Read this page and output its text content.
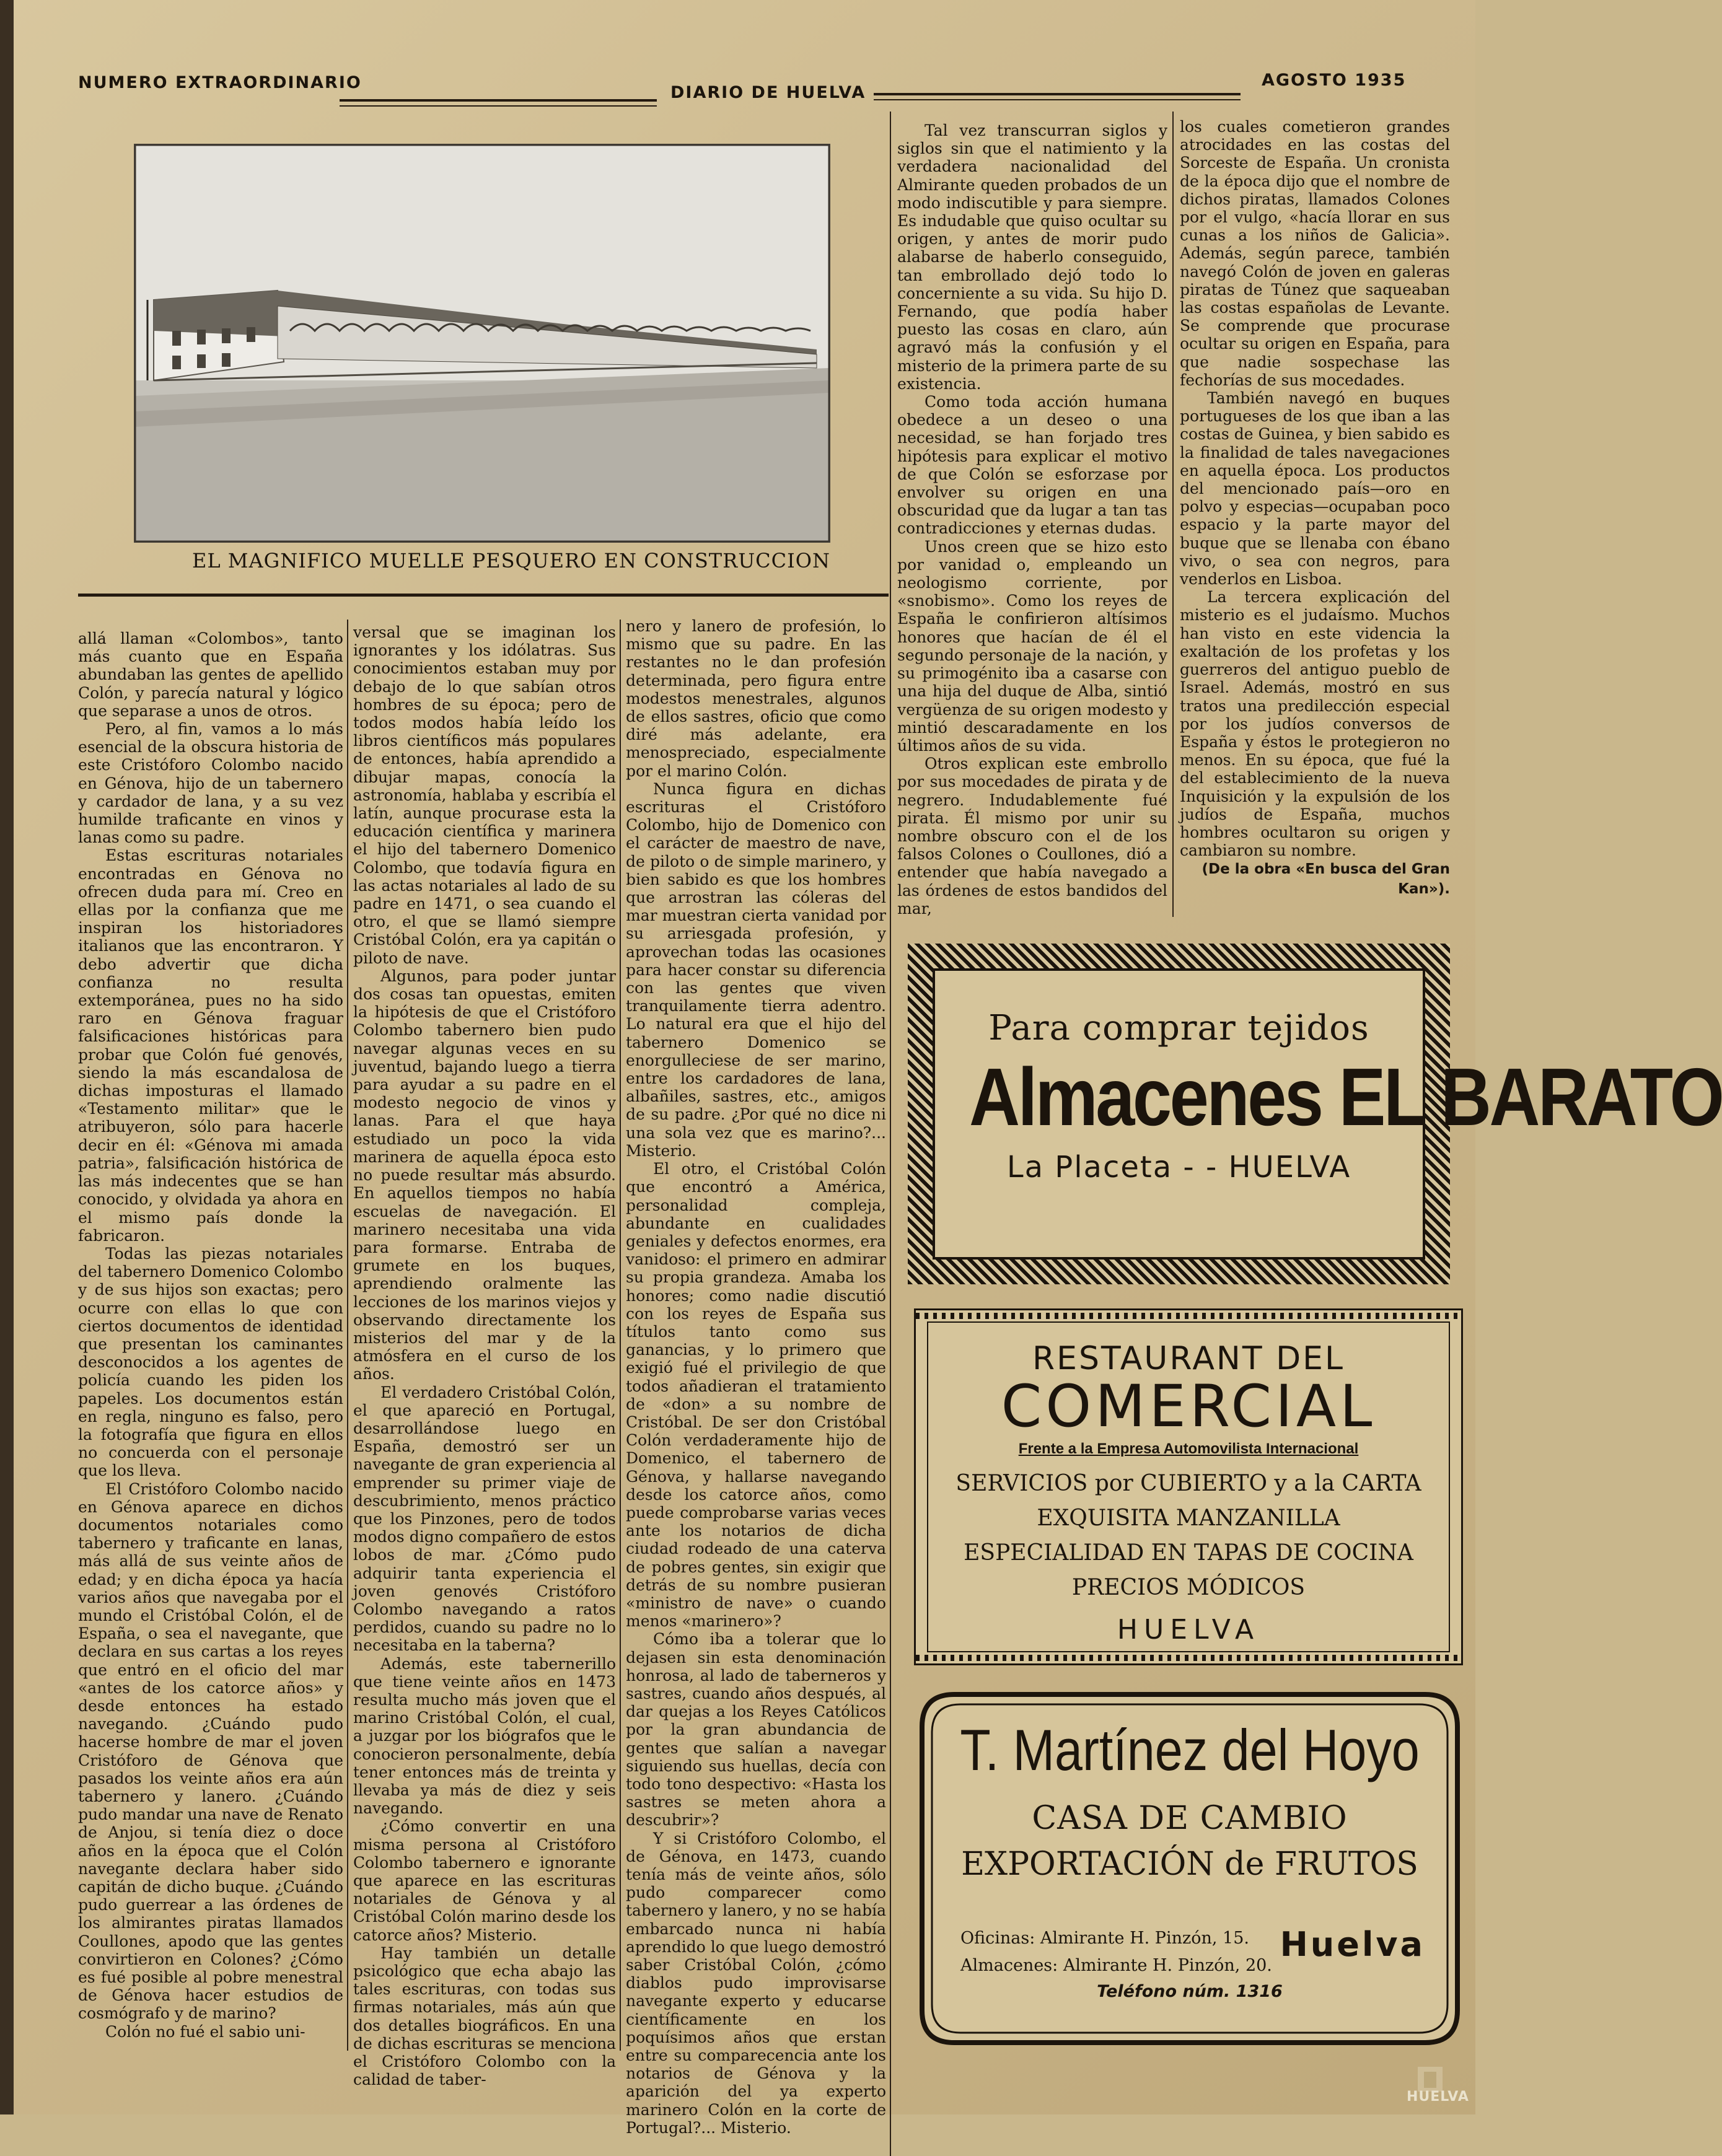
NUMERO EXTRAORDINARIO
DIARIO DE HUELVA
AGOSTO 1935
EL MAGNIFICO MUELLE PESQUERO EN CONSTRUCCION

allá llaman «Colombos», tanto más cuanto que en España abundaban las gentes de apellido Colón, y parecía natural y lógico que separase a unos de otros.

Pero, al fin, vamos a lo más esencial de la obscura historia de este Cristóforo Colombo nacido en Génova, hijo de un tabernero y cardador de lana, y a su vez humilde traficante en vinos y lanas como su padre.

Estas escrituras notariales encontradas en Génova no ofrecen duda para mí. Creo en ellas por la confianza que me inspiran los historiadores italianos que las encontraron. Y debo advertir que dicha confianza no resulta extemporánea, pues no ha sido raro en Génova fraguar falsificaciones históricas para probar que Colón fué genovés, siendo la más escandalosa de dichas imposturas el llamado «Testamento militar» que le atribuyeron, sólo para hacerle decir en él: «Génova mi amada patria», falsificación histórica de las más indecentes que se han conocido, y olvidada ya ahora en el mismo país donde la fabricaron.

Todas las piezas notariales del tabernero Domenico Colombo y de sus hijos son exactas; pero ocurre con ellas lo que con ciertos documentos de identidad que presentan los caminantes desconocidos a los agentes de policía cuando les piden los papeles. Los documentos están en regla, ninguno es falso, pero la fotografía que figura en ellos no concuerda con el personaje que los lleva.

El Cristóforo Colombo nacido en Génova aparece en dichos documentos notariales como tabernero y traficante en lanas, más allá de sus veinte años de edad; y en dicha época ya hacía varios años que navegaba por el mundo el Cristóbal Colón, el de España, o sea el navegante, que declara en sus cartas a los reyes que entró en el oficio del mar «antes de los catorce años» y desde entonces ha estado navegando. ¿Cuándo pudo hacerse hombre de mar el joven Cristóforo de Génova que pasados los veinte años era aún tabernero y lanero. ¿Cuándo pudo mandar una nave de Renato de Anjou, si tenía diez o doce años en la época que el Colón navegante declara haber sido capitán de dicho buque. ¿Cuándo pudo guerrear a las órdenes de los almirantes piratas llamados Coullones, apodo que las gentes convirtieron en Colones? ¿Cómo es fué posible al pobre menestral de Génova hacer estudios de cosmógrafo y de marino?

Colón no fué el sabio uni-

versal que se imaginan los ignorantes y los idólatras. Sus conocimientos estaban muy por debajo de lo que sabían otros hombres de su época; pero de todos modos había leído los libros científicos más populares de entonces, había aprendido a dibujar mapas, conocía la astronomía, hablaba y escribía el latín, aunque procurase esta la educación científica y marinera el hijo del tabernero Domenico Colombo, que todavía figura en las actas notariales al lado de su padre en 1471, o sea cuando el otro, el que se llamó siempre Cristóbal Colón, era ya capitán o piloto de nave.

Algunos, para poder juntar dos cosas tan opuestas, emiten la hipótesis de que el Cristóforo Colombo tabernero bien pudo navegar algunas veces en su juventud, bajando luego a tierra para ayudar a su padre en el modesto negocio de vinos y lanas. Para el que haya estudiado un poco la vida marinera de aquella época esto no puede resultar más absurdo. En aquellos tiempos no había escuelas de navegación. El marinero necesitaba una vida para formarse. Entraba de grumete en los buques, aprendiendo oralmente las lecciones de los marinos viejos y observando directamente los misterios del mar y de la atmósfera en el curso de los años.

El verdadero Cristóbal Colón, el que apareció en Portugal, desarrollándose luego en España, demostró ser un navegante de gran experiencia al emprender su primer viaje de descubrimiento, menos práctico que los Pinzones, pero de todos modos digno compañero de estos lobos de mar. ¿Cómo pudo adquirir tanta experiencia el joven genovés Cristóforo Colombo navegando a ratos perdidos, cuando su padre no lo necesitaba en la taberna?

Además, este tabernerillo que tiene veinte años en 1473 resulta mucho más joven que el marino Cristóbal Colón, el cual, a juzgar por los biógrafos que le conocieron personalmente, debía tener entonces más de treinta y llevaba ya más de diez y seis navegando.

¿Cómo convertir en una misma persona al Cristóforo Colombo tabernero e ignorante que aparece en las escrituras notariales de Génova y al Cristóbal Colón marino desde los catorce años? Misterio.

Hay también un detalle psicológico que echa abajo las tales escrituras, con todas sus firmas notariales, más aún que dos detalles biográficos. En una de dichas escrituras se menciona el Cristóforo Colombo con la calidad de taber-

nero y lanero de profesión, lo mismo que su padre. En las restantes no le dan profesión determinada, pero figura entre modestos menestrales, algunos de ellos sastres, oficio que como diré más adelante, era menospreciado, especialmente por el marino Colón.

Nunca figura en dichas escrituras el Cristóforo Colombo, hijo de Domenico con el carácter de maestro de nave, de piloto o de simple marinero, y bien sabido es que los hombres que arrostran las cóleras del mar muestran cierta vanidad por su arriesgada profesión, y aprovechan todas las ocasiones para hacer constar su diferencia con las gentes que viven tranquilamente tierra adentro. Lo natural era que el hijo del tabernero Domenico se enorgulleciese de ser marino, entre los cardadores de lana, albañiles, sastres, etc., amigos de su padre. ¿Por qué no dice ni una sola vez que es marino?... Misterio.

El otro, el Cristóbal Colón que encontró a América, personalidad compleja, abundante en cualidades geniales y defectos enormes, era vanidoso: el primero en admirar su propia grandeza. Amaba los honores; como nadie discutió con los reyes de España sus títulos tanto como sus ganancias, y lo primero que exigió fué el privilegio de que todos añadieran el tratamiento de «don» a su nombre de Cristóbal. De ser don Cristóbal Colón verdaderamente hijo de Domenico, el tabernero de Génova, y hallarse navegando desde los catorce años, como puede comprobarse varias veces ante los notarios de dicha ciudad rodeado de una caterva de pobres gentes, sin exigir que detrás de su nombre pusieran «ministro de nave» o cuando menos «marinero»?

Cómo iba a tolerar que lo dejasen sin esta denominación honrosa, al lado de taberneros y sastres, cuando años después, al dar quejas a los Reyes Católicos por la gran abundancia de gentes que salían a navegar siguiendo sus huellas, decía con todo tono despectivo: «Hasta los sastres se meten ahora a descubrir»?

Y si Cristóforo Colombo, el de Génova, en 1473, cuando tenía más de veinte años, sólo pudo comparecer como tabernero y lanero, y no se había embarcado nunca ni había aprendido lo que luego demostró saber Cristóbal Colón, ¿cómo diablos pudo improvisarse navegante experto y educarse científicamente en los poquísimos años que erstan entre su comparecencia ante los notarios de Génova y la aparición del ya experto marinero Colón en la corte de Portugal?... Misterio.

Tal vez transcurran siglos y siglos sin que el natimiento y la verdadera nacionalidad del Almirante queden probados de un modo indiscutible y para siempre. Es indudable que quiso ocultar su origen, y antes de morir pudo alabarse de haberlo conseguido, tan embrollado dejó todo lo concerniente a su vida. Su hijo D. Fernando, que podía haber puesto las cosas en claro, aún agravó más la confusión y el misterio de la primera parte de su existencia.

Como toda acción humana obedece a un deseo o una necesidad, se han forjado tres hipótesis para explicar el motivo de que Colón se esforzase por envolver su origen en una obscuridad que da lugar a tan tas contradicciones y eternas dudas.

Unos creen que se hizo esto por vanidad o, empleando un neologismo corriente, por «snobismo». Como los reyes de España le confirieron altísimos honores que hacían de él el segundo personaje de la nación, y su primogénito iba a casarse con una hija del duque de Alba, sintió vergüenza de su origen modesto y mintió descaradamente en los últimos años de su vida.

Otros explican este embrollo por sus mocedades de pirata y de negrero. Indudablemente fué pirata. Él mismo por unir su nombre obscuro con el de los falsos Colones o Coullones, dió a entender que había navegado a las órdenes de estos bandidos del mar,

los cuales cometieron grandes atrocidades en las costas del Sorceste de España. Un cronista de la época dijo que el nombre de dichos piratas, llamados Colones por el vulgo, «hacía llorar en sus cunas a los niños de Galicia». Además, según parece, también navegó Colón de joven en galeras piratas de Túnez que saqueaban las costas españolas de Levante. Se comprende que procurase ocultar su origen en España, para que nadie sospechase las fechorías de sus mocedades.

También navegó en buques portugueses de los que iban a las costas de Guinea, y bien sabido es la finalidad de tales navegaciones en aquella época. Los productos del mencionado país—oro en polvo y especias—ocupaban poco espacio y la parte mayor del buque que se llenaba con ébano vivo, o sea con negros, para venderlos en Lisboa.

La tercera explicación del misterio es el judaísmo. Muchos han visto en este videncia la exaltación de los profetas y los guerreros del antiguo pueblo de Israel. Además, mostró en sus tratos una predilección especial por los judíos conversos de España y éstos le protegieron no menos. En su época, que fué la del establecimiento de la nueva Inquisición y la expulsión de los judíos de España, muchos hombres ocultaron su origen y cambiaron su nombre.

(De la obra «En busca del Gran Kan»).

Para comprar tejidos
Almacenes EL BARATO
La Placeta - - HUELVA
RESTAURANT DEL
COMERCIAL
Frente a la Empresa Automovilista Internacional
SERVICIOS por CUBIERTO y a la CARTA
EXQUISITA MANZANILLA
ESPECIALIDAD EN TAPAS DE COCINA
PRECIOS MÓDICOS
HUELVA
T. Martínez del Hoyo
CASA DE CAMBIO
EXPORTACIÓN de FRUTOS
Oficinas: Almirante H. Pinzón, 15.
Almacenes: Almirante H. Pinzón, 20.
Huelva
Teléfono núm. 1316
HUELVA
